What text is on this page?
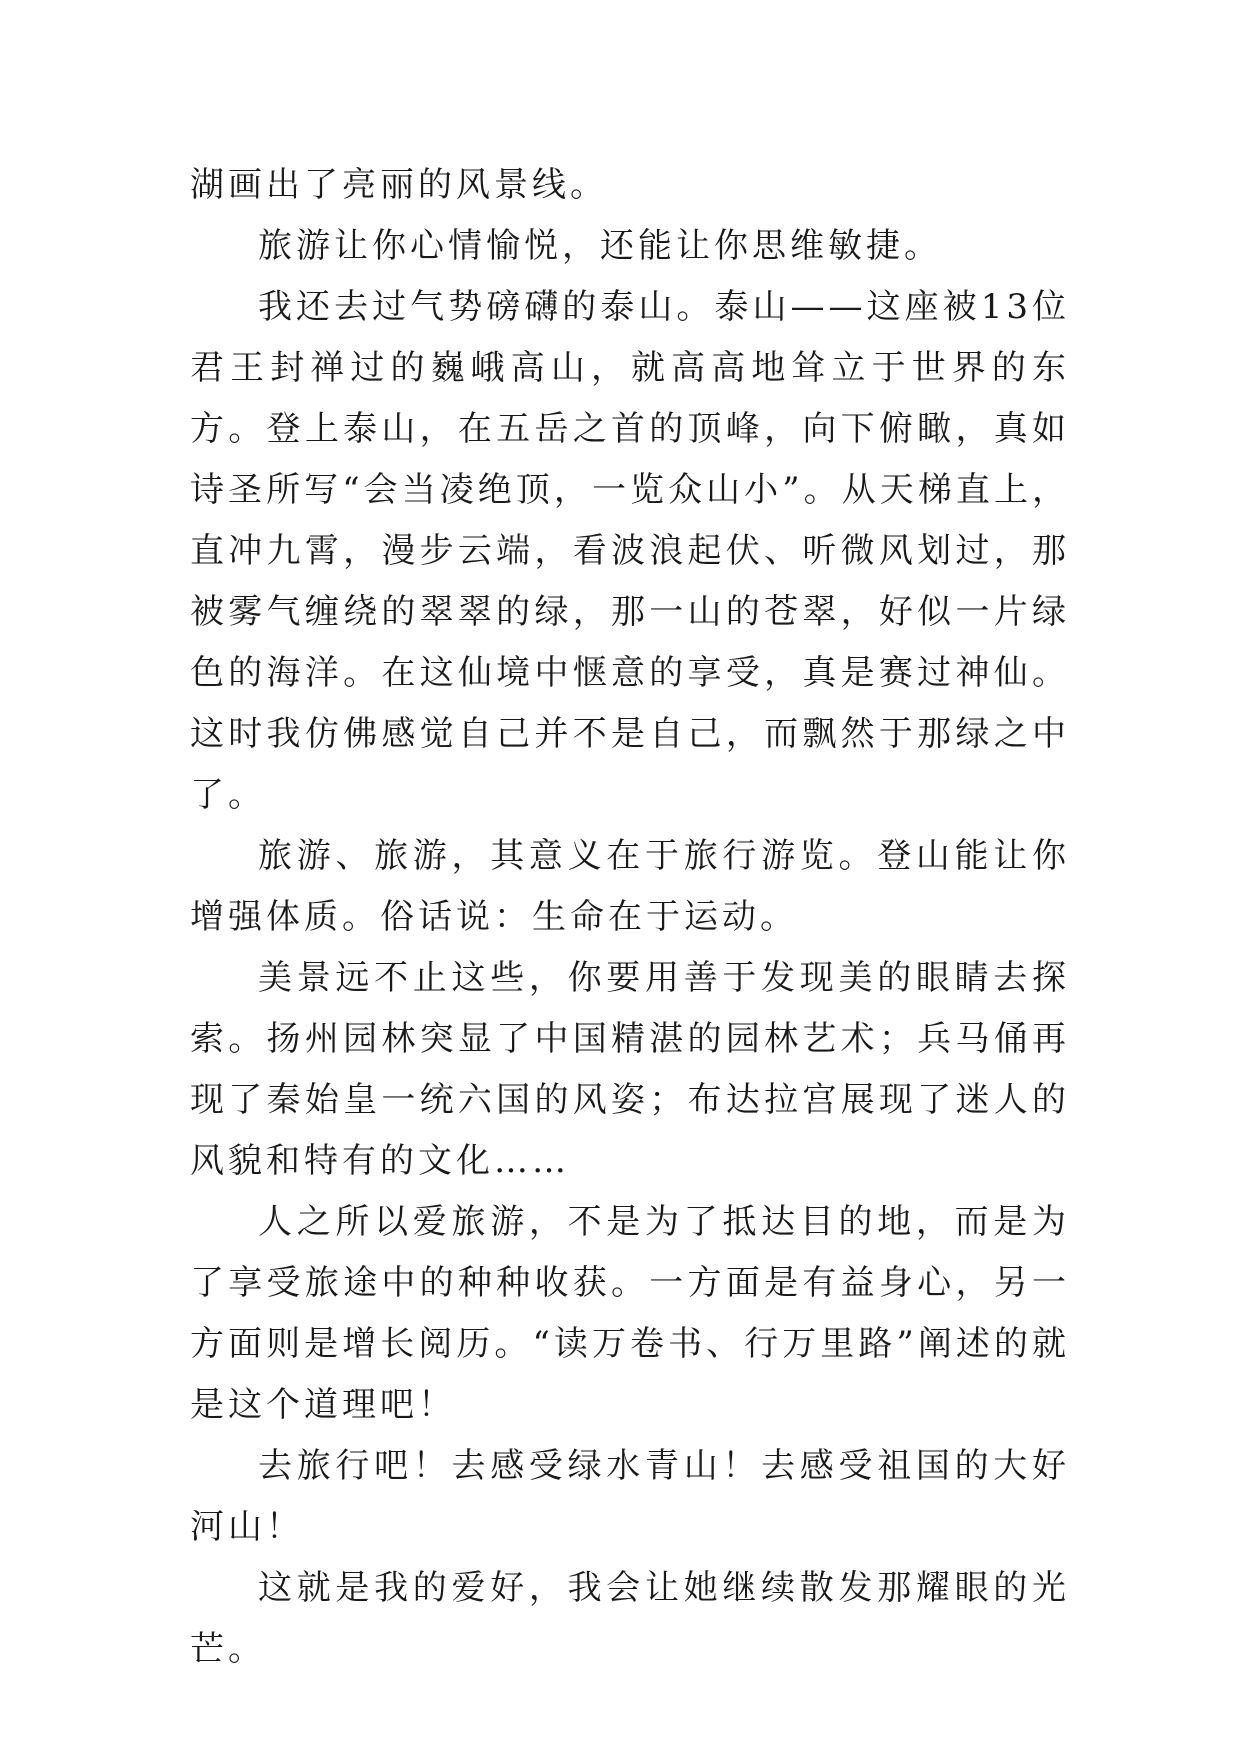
湖画出了亮丽的风景线。

旅游让你心情愉悦，还能让你思维敏捷。

我还去过气势磅礴的泰山。泰山——这座被13位君王封禅过的巍峨高山，就高高地耸立于世界的东方。登上泰山，在五岳之首的顶峰，向下俯瞰，真如诗圣所写“会当凌绝顶，一览众山小”。从天梯直上，直冲九霄，漫步云端，看波浪起伏、听微风划过，那被雾气缠绕的翠翠的绿，那一山的苍翠，好似一片绿色的海洋。在这仙境中惬意的享受，真是赛过神仙。这时我仿佛感觉自己并不是自己，而飘然于那绿之中了。

旅游、旅游，其意义在于旅行游览。登山能让你增强体质。俗话说：生命在于运动。

美景远不止这些，你要用善于发现美的眼睛去探索。扬州园林突显了中国精湛的园林艺术；兵马俑再现了秦始皇一统六国的风姿；布达拉宫展现了迷人的风貌和特有的文化……

人之所以爱旅游，不是为了抵达目的地，而是为了享受旅途中的种种收获。一方面是有益身心，另一方面则是增长阅历。“读万卷书、行万里路”阐述的就是这个道理吧！

去旅行吧！去感受绿水青山！去感受祖国的大好河山！

这就是我的爱好，我会让她继续散发那耀眼的光芒。
